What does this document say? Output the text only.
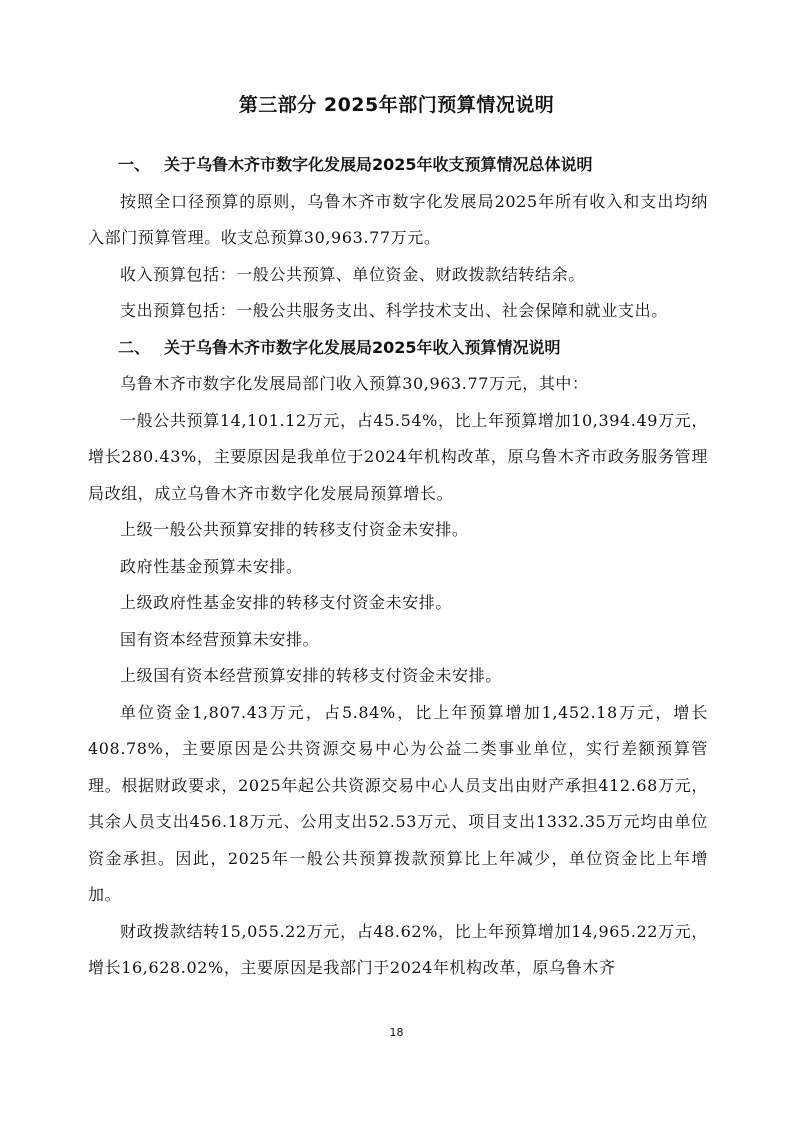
第三部分 2025年部门预算情况说明
一、 关于乌鲁木齐市数字化发展局2025年收支预算情况总体说明
按照全口径预算的原则，乌鲁木齐市数字化发展局2025年所有收入和支出均纳入部门预算管理。收支总预算30,963.77万元。
收入预算包括：一般公共预算、单位资金、财政拨款结转结余。
支出预算包括：一般公共服务支出、科学技术支出、社会保障和就业支出。
二、 关于乌鲁木齐市数字化发展局2025年收入预算情况说明
乌鲁木齐市数字化发展局部门收入预算30,963.77万元，其中：
一般公共预算14,101.12万元，占45.54%，比上年预算增加10,394.49万元，增长280.43%，主要原因是我单位于2024年机构改革，原乌鲁木齐市政务服务管理局改组，成立乌鲁木齐市数字化发展局预算增长。
上级一般公共预算安排的转移支付资金未安排。
政府性基金预算未安排。
上级政府性基金安排的转移支付资金未安排。
国有资本经营预算未安排。
上级国有资本经营预算安排的转移支付资金未安排。
单位资金1,807.43万元，占5.84%，比上年预算增加1,452.18万元，增长408.78%，主要原因是公共资源交易中心为公益二类事业单位，实行差额预算管理。根据财政要求，2025年起公共资源交易中心人员支出由财产承担412.68万元，其余人员支出456.18万元、公用支出52.53万元、项目支出1332.35万元均由单位资金承担。因此，2025年一般公共预算拨款预算比上年减少，单位资金比上年增加。
财政拨款结转15,055.22万元，占48.62%，比上年预算增加14,965.22万元，增长16,628.02%，主要原因是我部门于2024年机构改革，原乌鲁木齐
18
